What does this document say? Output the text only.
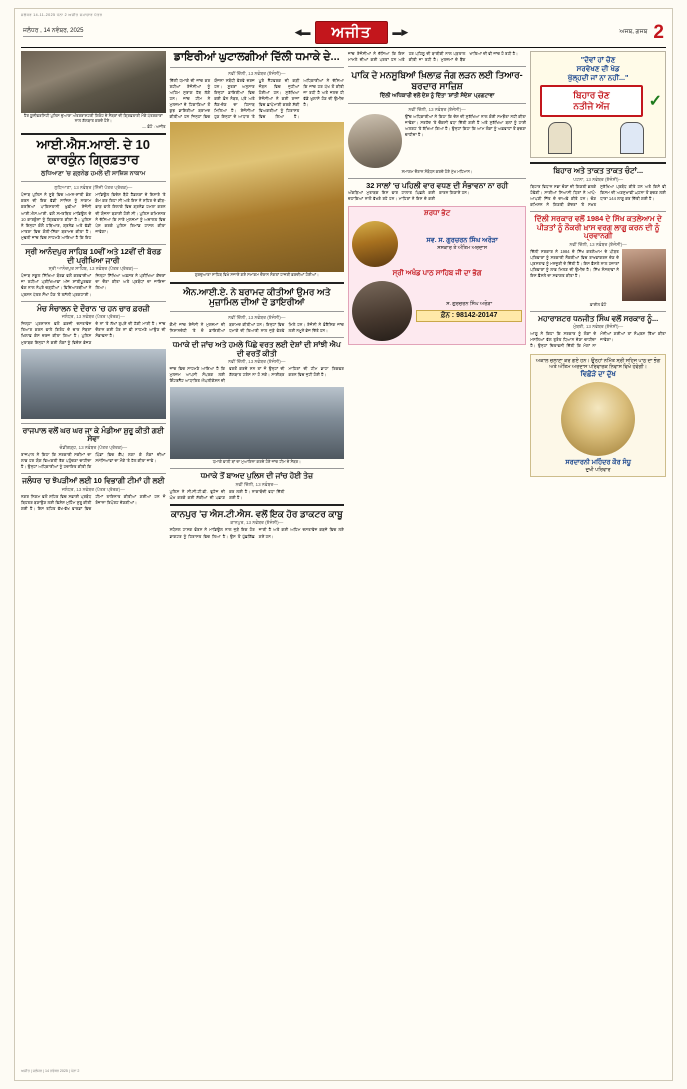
ਜਲੰਧਰ 14-11-2025 ਪੰਨਾ 2 ਅਜੀਤ ਸਮਾਚਾਰ ਪੱਤਰ
ਜਲੰਧਰ , 14 ਨਵੰਬਰ, 2025	◀▬	ਅਜੀਤ	▬▶	ਅਜਬ, ਗਜਬ 2
ਹੈਰ ਯੂਨੀਵਰਸਿਟੀ ਪੁਲਿਸ ਦੁਆਰਾ ਅੰਤਰਰਾਸ਼ਟਰੀ ਗਿਰੋਹ ਦੇ ਮੈਂਬਰਾਂ ਦੀ ਗ੍ਰਿਫ਼ਤਾਰੀ ਮੌਕੇ ਪੱਤਰਕਾਰਾਂ ਨਾਲ ਗੱਲਬਾਤ ਕਰਦੇ ਹੋਏ।
— ਫ਼ੋਟੋ : ਅਜੀਤ
ਆਈ.ਐਸ.ਆਈ. ਦੇ 10 ਕਾਰਕੁੰਨ ਗ੍ਰਿਫ਼ਤਾਰ
ਲੁਧਿਆਣਾ 'ਚ ਗ੍ਰਨੇਡ ਹਮਲੇ ਦੀ ਸਾਜ਼ਿਸ਼ ਨਾਕਾਮ
ਲੁਧਿਆਣਾ, 13 ਨਵੰਬਰ (ਨਿੱਜੀ ਪੱਤਰ ਪ੍ਰੇਰਕ)—
ਪੰਜਾਬ ਪੁਲਿਸ ਨੇ ਸੂਬੇ ਵਿਚ ਅਮਨ-ਸ਼ਾਂਤੀ ਭੰਗ ਕਰਨ ਦੀ ਇਕ ਵੱਡੀ ਸਾਜ਼ਿਸ਼ ਨੂੰ ਨਾਕਾਮ ਕਰਦਿਆਂ ਪਾਕਿਸਤਾਨੀ ਖ਼ੁਫ਼ੀਆ ਏਜੰਸੀ ਆਈ.ਐਸ.ਆਈ. ਵਲੋਂ ਸਮਰਥਿਤ ਮਾਡਿਊਲ ਦੇ 10 ਕਾਰਕੁੰਨਾਂ ਨੂੰ ਗ੍ਰਿਫ਼ਤਾਰ ਕੀਤਾ ਹੈ। ਪੁਲਿਸ ਨੇ ਇਨ੍ਹਾਂ ਕੋਲੋਂ ਹਥਿਆਰ, ਗ੍ਰਨੇਡ ਅਤੇ ਵੱਡੀ ਮਾਤਰਾ ਵਿਚ ਗੋਲੀ-ਸਿੱਕਾ ਬਰਾਮਦ ਕੀਤਾ ਹੈ। ਮੁਢਲੀ ਜਾਂਚ ਵਿਚ ਸਾਹਮਣੇ ਆਇਆ ਹੈ ਕਿ ਇਹ ਮਾਡਿਊਲ ਵਿਦੇਸ਼ ਬੈਠੇ ਹੈਂਡਲਰਾਂ ਦੇ ਇਸ਼ਾਰੇ 'ਤੇ ਕੰਮ ਕਰ ਰਿਹਾ ਸੀ ਅਤੇ ਇਸ ਨੇ ਸ਼ਹਿਰ ਦੇ ਭੀੜ-ਭਾੜ ਵਾਲੇ ਇਲਾਕੇ ਵਿਚ ਗ੍ਰਨੇਡ ਹਮਲਾ ਕਰਨ ਦੀ ਯੋਜਨਾ ਬਣਾਈ ਹੋਈ ਸੀ। ਪੁਲਿਸ ਕਮਿਸ਼ਨਰ ਨੇ ਦੱਸਿਆ ਕਿ ਸਾਰੇ ਮੁਲਜ਼ਮਾਂ ਨੂੰ ਅਦਾਲਤ ਵਿਚ ਪੇਸ਼ ਕਰਕੇ ਪੁਲਿਸ ਰਿਮਾਂਡ ਹਾਸਲ ਕੀਤਾ ਜਾਵੇਗਾ।
ਸ੍ਰੀ ਆਨੰਦਪੁਰ ਸਾਹਿਬ 10ਵੀਂ ਅਤੇ 12ਵੀਂ ਦੀ ਬੋਰਡ ਦੀ ਪ੍ਰੀਖਿਆ ਜਾਰੀ
ਸ੍ਰੀ ਆਨੰਦਪੁਰ ਸਾਹਿਬ, 13 ਨਵੰਬਰ (ਪੱਤਰ ਪ੍ਰੇਰਕ)—
ਪੰਜਾਬ ਸਕੂਲ ਸਿੱਖਿਆ ਬੋਰਡ ਵਲੋਂ ਕਰਵਾਈਆਂ ਜਾ ਰਹੀਆਂ ਪ੍ਰੀਖਿਆਵਾਂ ਅੱਜ ਸ਼ਾਂਤੀਪੂਰਵਕ ਢੰਗ ਨਾਲ ਨੇਪਰੇ ਚੜ੍ਹੀਆਂ। ਵਿਦਿਆਰਥੀਆਂ ਨੇ ਪ੍ਰਸ਼ਨ ਪੱਤਰ ਸੌਖਾ ਹੋਣ 'ਤੇ ਤਸੱਲੀ ਪ੍ਰਗਟਾਈ। ਜ਼ਿਲ੍ਹਾ ਸਿੱਖਿਆ ਅਫ਼ਸਰ ਨੇ ਪ੍ਰੀਖਿਆ ਕੇਂਦਰਾਂ ਦਾ ਦੌਰਾ ਕੀਤਾ ਅਤੇ ਪ੍ਰਬੰਧਾਂ ਦਾ ਜਾਇਜ਼ਾ ਲਿਆ।
ਮੰਚ ਸੰਚਾਲਨ ਦੇ ਦੌਰਾਨ 'ਚ ਹਨ ਚਾਰ ਫ਼ਰਜ਼ੀ
ਜਲੰਧਰ, 13 ਨਵੰਬਰ (ਪੱਤਰ ਪ੍ਰੇਰਕ)—
ਜ਼ਿਲ੍ਹਾ ਪ੍ਰਸ਼ਾਸਨ ਵਲੋਂ ਫ਼ਰਜ਼ੀ ਦਸਤਾਵੇਜ਼ ਤਿਆਰ ਕਰਨ ਵਾਲੇ ਗਿਰੋਹ ਦੇ ਚਾਰ ਮੈਂਬਰਾਂ ਖ਼ਿਲਾਫ਼ ਕੇਸ ਦਰਜ ਕੀਤਾ ਗਿਆ ਹੈ। ਪੁਲਿਸ ਮੁਤਾਬਕ ਇਨ੍ਹਾਂ ਨੇ ਕਈ ਲੋਕਾਂ ਨੂੰ ਵਿਦੇਸ਼ ਭੇਜਣ ਦੇ ਨਾਂ 'ਤੇ ਲੱਖਾਂ ਰੁਪਏ ਦੀ ਠੱਗੀ ਮਾਰੀ ਹੈ। ਜਾਂਚ ਦੌਰਾਨ ਕਈ ਹੋਰ ਨਾਂ ਵੀ ਸਾਹਮਣੇ ਆਉਣ ਦੀ ਸੰਭਾਵਨਾ ਹੈ।
ਰਾਜਪਾਲ ਵਲੋਂ ਘਰ ਘਰ ਜਾ ਕੇ ਮੰਡੀਆ ਸ਼ੁਰੂ ਕੀਤੀ ਗਈ ਸੇਵਾ
ਚੰਡੀਗੜ੍ਹ, 13 ਨਵੰਬਰ (ਪੱਤਰ ਪ੍ਰੇਰਕ)—
ਰਾਜਪਾਲ ਨੇ ਕਿਹਾ ਕਿ ਸਰਕਾਰੀ ਸਕੀਮਾਂ ਦਾ ਲਾਭ ਹਰ ਯੋਗ ਵਿਅਕਤੀ ਤੱਕ ਪਹੁੰਚਣਾ ਚਾਹੀਦਾ ਹੈ। ਉਨ੍ਹਾਂ ਅਧਿਕਾਰੀਆਂ ਨੂੰ ਹਦਾਇਤ ਕੀਤੀ ਕਿ ਪਿੰਡਾਂ ਵਿਚ ਕੈਂਪ ਲਗਾ ਕੇ ਲੋਕਾਂ ਦੀਆਂ ਸਮੱਸਿਆਵਾਂ ਦਾ ਮੌਕੇ 'ਤੇ ਹੱਲ ਕੀਤਾ ਜਾਵੇ।
ਜਲੰਧਰ 'ਚ ਝੋਪੜੀਆਂ ਲਈ 10 ਵਿਭਾਗੀ ਟੀਮਾਂ ਹੀ ਲਈ
ਜਲੰਧਰ, 13 ਨਵੰਬਰ (ਪੱਤਰ ਪ੍ਰੇਰਕ)—
ਨਗਰ ਨਿਗਮ ਵਲੋਂ ਸ਼ਹਿਰ ਵਿਚ ਸਫ਼ਾਈ ਪ੍ਰਬੰਧ ਬਿਹਤਰ ਬਣਾਉਣ ਲਈ ਵਿਸ਼ੇਸ਼ ਮੁਹਿੰਮ ਸ਼ੁਰੂ ਕੀਤੀ ਗਈ ਹੈ। ਇਸ ਤਹਿਤ ਵੱਖ-ਵੱਖ ਵਾਰਡਾਂ ਵਿਚ ਟੀਮਾਂ ਤਾਇਨਾਤ ਕੀਤੀਆਂ ਗਈਆਂ ਹਨ ਜੋ ਰੋਜ਼ਾਨਾ ਰਿਪੋਰਟ ਦੇਣਗੀਆਂ।
ਡਾਇਰੀਆਂ ਘੁਟਾਲਗੀਆਂ ਦਿੱਲੀ ਧਮਾਕੇ ਦੇ...
ਨਵੀਂ ਦਿੱਲੀ, 13 ਨਵੰਬਰ (ਏਜੰਸੀ)—
ਦਿੱਲੀ ਧਮਾਕੇ ਦੀ ਜਾਂਚ ਕਰ ਰਹੀਆਂ ਏਜੰਸੀਆਂ ਨੂੰ ਅਹਿਮ ਸੁਰਾਗ ਹੱਥ ਲੱਗੇ ਹਨ। ਜਾਂਚ ਟੀਮ ਨੇ ਮੁਲਜ਼ਮਾਂ ਦੇ ਟਿਕਾਣਿਆਂ ਤੋਂ ਕੁਝ ਡਾਇਰੀਆਂ ਬਰਾਮਦ ਕੀਤੀਆਂ ਹਨ ਜਿਨ੍ਹਾਂ ਵਿਚ ਯੋਜਨਾ ਸਬੰਧੀ ਵੇਰਵੇ ਦਰਜ ਹਨ। ਸੂਤਰਾਂ ਅਨੁਸਾਰ ਇਨ੍ਹਾਂ ਡਾਇਰੀਆਂ ਵਿਚ ਕਈ ਫ਼ੋਨ ਨੰਬਰ, ਪਤੇ ਅਤੇ ਲੈਣ-ਦੇਣ ਦਾ ਹਿਸਾਬ ਮਿਲਿਆ ਹੈ। ਏਜੰਸੀਆਂ ਹੁਣ ਇਨ੍ਹਾਂ ਦੇ ਆਧਾਰ 'ਤੇ ਪੂਰੇ ਨੈੱਟਵਰਕ ਦੀ ਕੜੀ ਜੋੜਨ ਵਿਚ ਜੁਟੀਆਂ ਹੋਈਆਂ ਹਨ। ਸੁਰੱਖਿਆ ਏਜੰਸੀਆਂ ਨੇ ਕਈ ਰਾਜਾਂ ਵਿਚ ਛਾਪੇਮਾਰੀ ਕਰਕੇ ਸ਼ੱਕੀ ਵਿਅਕਤੀਆਂ ਨੂੰ ਹਿਰਾਸਤ ਵਿਚ ਲਿਆ ਹੈ। ਅਧਿਕਾਰੀਆਂ ਨੇ ਦੱਸਿਆ ਕਿ ਜਾਂਚ ਹਰ ਪੱਖ ਤੋਂ ਕੀਤੀ ਜਾ ਰਹੀ ਹੈ ਅਤੇ ਜਲਦ ਹੀ ਵੱਡੇ ਖ਼ੁਲਾਸੇ ਹੋਣ ਦੀ ਉਮੀਦ ਹੈ।
ਗੁਰਦੁਆਰਾ ਸਾਹਿਬ ਵਿਖੇ ਸਜਾਏ ਗਏ ਸਮਾਗਮ ਦੌਰਾਨ ਸੰਗਤਾਂ ਹਾਜ਼ਰੀ ਭਰਦੀਆਂ ਹੋਈਆਂ।
ਐਨ.ਆਈ.ਏ. ਨੇ ਬਰਾਮਦ ਕੀਤੀਆਂ ਉਮਰ ਅਤੇ ਮੁਜ਼ਾਮਿਲ ਦੀਆਂ ਦੋ ਡਾਇਰੀਆਂ
ਨਵੀਂ ਦਿੱਲੀ, 13 ਨਵੰਬਰ (ਏਜੰਸੀ)—
ਕੌਮੀ ਜਾਂਚ ਏਜੰਸੀ ਨੇ ਮੁਲਜ਼ਮਾਂ ਦੀ ਨਿਸ਼ਾਨਦੇਹੀ 'ਤੇ ਦੋ ਡਾਇਰੀਆਂ ਬਰਾਮਦ ਕੀਤੀਆਂ ਹਨ। ਇਨ੍ਹਾਂ ਵਿਚ ਧਮਾਕੇ ਦੀ ਤਿਆਰੀ ਨਾਲ ਜੁੜੇ ਵੇਰਵੇ ਮਿਲੇ ਹਨ। ਏਜੰਸੀ ਨੇ ਫ਼ੋਰੈਂਸਿਕ ਜਾਂਚ ਲਈ ਨਮੂਨੇ ਭੇਜ ਦਿੱਤੇ ਹਨ।
ਧਮਾਕੇ ਦੀ ਜਾਂਚ ਅਤੇ ਹਮਲੇ ਪਿੱਛੇ ਵਰਤ ਲਈ ਦੇਸ਼ਾਂ ਦੀ ਸਾਂਝੀ ਐਪ ਦੀ ਵਰਤੋਂ ਕੀਤੀ
ਨਵੀਂ ਦਿੱਲੀ, 13 ਨਵੰਬਰ (ਏਜੰਸੀ)—
ਜਾਂਚ ਵਿਚ ਸਾਹਮਣੇ ਆਇਆ ਹੈ ਕਿ ਮੁਲਜ਼ਮ ਆਪਸੀ ਸੰਪਰਕ ਲਈ ਇੰਟਰਨੈੱਟ ਆਧਾਰਿਤ ਐਪਲੀਕੇਸ਼ਨ ਦੀ ਵਰਤੋਂ ਕਰਦੇ ਸਨ ਤਾਂ ਜੋ ਉਨ੍ਹਾਂ ਦੀ ਗੱਲਬਾਤ ਟਰੇਸ ਨਾ ਹੋ ਸਕੇ। ਸਾਈਬਰ ਮਾਹਿਰਾਂ ਦੀ ਟੀਮ ਡਾਟਾ ਰਿਕਵਰ ਕਰਨ ਵਿਚ ਜੁਟੀ ਹੋਈ ਹੈ।
ਧਮਾਕੇ ਵਾਲੀ ਥਾਂ ਦਾ ਮੁਆਇਨਾ ਕਰਦੇ ਹੋਏ ਜਾਂਚ ਟੀਮ ਦੇ ਮੈਂਬਰ।
ਧਮਾਕੇ ਤੋਂ ਬਾਅਦ ਪੁਲਿਸ ਦੀ ਜਾਂਚ ਹੋਈ ਤੇਜ਼
ਨਵੀਂ ਦਿੱਲੀ, 13 ਨਵੰਬਰ—
ਪੁਲਿਸ ਨੇ ਸੀ.ਸੀ.ਟੀ.ਵੀ. ਫੁਟੇਜ ਦੀ ਘੋਖ ਕਰਕੇ ਕਈ ਸ਼ੱਕੀਆਂ ਦੀ ਪਛਾਣ ਕਰ ਲਈ ਹੈ। ਨਾਕਾਬੰਦੀ ਵਧਾ ਦਿੱਤੀ ਗਈ ਹੈ।
ਕਾਨਪੁਰ 'ਚ ਐਸ.ਟੀ.ਐਸ. ਵਲੋਂ ਇਕ ਹੋਰ ਡਾਕਟਰ ਕਾਬੂ
ਕਾਨਪੁਰ, 13 ਨਵੰਬਰ (ਏਜੰਸੀ)—
ਸਪੈਸ਼ਲ ਟਾਸਕ ਫੋਰਸ ਨੇ ਮਾਡਿਊਲ ਨਾਲ ਜੁੜੇ ਇਕ ਹੋਰ ਡਾਕਟਰ ਨੂੰ ਹਿਰਾਸਤ ਵਿਚ ਲਿਆ ਹੈ। ਉਸ ਤੋਂ ਪੁੱਛਗਿੱਛ ਜਾਰੀ ਹੈ ਅਤੇ ਕਈ ਅਹਿਮ ਦਸਤਾਵੇਜ਼ ਕਬਜ਼ੇ ਵਿਚ ਲਏ ਗਏ ਹਨ।
ਜਾਂਚ ਏਜੰਸੀਆਂ ਨੇ ਦੱਸਿਆ ਕਿ ਇਸ ਮਾਮਲੇ ਦੀਆਂ ਕਈ ਪਰਤਾਂ ਹਨ ਅਤੇ ਹਰ ਪਹਿਲੂ ਦੀ ਬਾਰੀਕੀ ਨਾਲ ਪੜਤਾਲ ਕੀਤੀ ਜਾ ਰਹੀ ਹੈ। ਮੁਲਜ਼ਮਾਂ ਦੇ ਬੈਂਕ ਖਾਤਿਆਂ ਦੀ ਵੀ ਜਾਂਚ ਹੋ ਰਹੀ ਹੈ।
ਪਾਕਿ ਦੇ ਮਨਸੂਬਿਆਂ ਖ਼ਿਲਾਫ਼ ਜੰਗ ਲੜਨ ਲਈ ਤਿਆਰ-ਬਰਦਾਰ ਸਾਜ਼ਿਸ਼
ਦਿੱਲੀ ਅਧਿਕਾਰੀ ਵਲੋਂ ਦੇਸ਼ ਨੂੰ ਦਿੱਤਾ 'ਸ਼ਾਂਤੀ ਸੰਦੇਸ਼' ਪ੍ਰਗਟਾਵਾ
ਨਵੀਂ ਦਿੱਲੀ, 13 ਨਵੰਬਰ (ਏਜੰਸੀ)—
ਉੱਚ ਅਧਿਕਾਰੀਆਂ ਨੇ ਕਿਹਾ ਕਿ ਦੇਸ਼ ਦੀ ਸੁਰੱਖਿਆ ਨਾਲ ਕੋਈ ਸਮਝੌਤਾ ਨਹੀਂ ਕੀਤਾ ਜਾਵੇਗਾ। ਸਰਹੱਦ 'ਤੇ ਚੌਕਸੀ ਵਧਾ ਦਿੱਤੀ ਗਈ ਹੈ ਅਤੇ ਸੁਰੱਖਿਆ ਬਲਾਂ ਨੂੰ ਹਾਈ ਅਲਰਟ 'ਤੇ ਰੱਖਿਆ ਗਿਆ ਹੈ। ਉਨ੍ਹਾਂ ਕਿਹਾ ਕਿ ਆਮ ਲੋਕਾਂ ਨੂੰ ਅਫ਼ਵਾਹਾਂ ਤੋਂ ਬਚਣਾ ਚਾਹੀਦਾ ਹੈ।
ਸਮਾਗਮ ਦੌਰਾਨ ਸੰਬੋਧਨ ਕਰਦੇ ਹੋਏ ਮੁੱਖ ਮਹਿਮਾਨ।
32 ਸਾਲਾਂ 'ਚ ਪਹਿਲੀ ਵਾਰ ਵਧਣ ਦੀ ਸੰਭਾਵਨਾ ਨਾ ਰਹੀ
ਅੰਕੜਿਆਂ ਮੁਤਾਬਕ ਇਸ ਵਾਰ ਹਾਲਾਤ ਪਿਛਲੇ ਕਈ ਦਹਾਕਿਆਂ ਨਾਲੋਂ ਵੱਖਰੇ ਰਹੇ ਹਨ। ਮਾਹਿਰਾਂ ਨੇ ਇਸ ਦੇ ਕਈ ਕਾਰਨ ਗਿਣਾਏ ਹਨ।
ਸ਼ਰਧਾ ਭੇਟ
ਸਵ. ਸ. ਗੁਰਚਰਨ ਸਿੰਘ ਅਰੋੜਾ
ਸਸਕਾਰ ਤੇ ਅੰਤਿਮ ਅਰਦਾਸ
ਸ੍ਰੀ ਅਖੰਡ ਪਾਠ ਸਾਹਿਬ ਜੀ ਦਾ ਭੋਗ
ਸ. ਗੁਰਚਰਨ ਸਿੰਘ ਅਰੋੜਾ
ਫ਼ੋਨ : 98142-20147
"ਦੋਵਾਂ ਹਾਂ ਚੋਣ
ਸਰਵੇਖਣ ਦੀ ਖੇਡ
ਖੁੱਲ੍ਹਦੀ ਜਾਂ ਨਾ ਨਹੀਂ..."
ਬਿਹਾਰ ਚੋਣ
ਨਤੀਜੇ ਅੱਜ	✓
ਬਿਹਾਰ ਅਤੇ ਤਾਕਤ ਤਾਕਤ ਚੰਟਾਂ...
ਪਟਨਾ, 13 ਨਵੰਬਰ (ਏਜੰਸੀ)—
ਬਿਹਾਰ ਵਿਧਾਨ ਸਭਾ ਚੋਣਾਂ ਦੀ ਗਿਣਤੀ ਭਲਕੇ ਹੋਵੇਗੀ। ਸਾਰੀਆਂ ਸਿਆਸੀ ਧਿਰਾਂ ਨੇ ਆਪੋ-ਆਪਣੀ ਜਿੱਤ ਦੇ ਦਾਅਵੇ ਕੀਤੇ ਹਨ। ਚੋਣ ਕਮਿਸ਼ਨ ਨੇ ਗਿਣਤੀ ਕੇਂਦਰਾਂ 'ਤੇ ਸਖ਼ਤ ਸੁਰੱਖਿਆ ਪ੍ਰਬੰਧ ਕੀਤੇ ਹਨ ਅਤੇ ਕਿਸੇ ਵੀ ਕਿਸਮ ਦੀ ਅਣਸੁਖਾਵੀਂ ਘਟਨਾ ਤੋਂ ਬਚਣ ਲਈ ਧਾਰਾ 144 ਲਾਗੂ ਕਰ ਦਿੱਤੀ ਗਈ ਹੈ।
ਦਿੱਲੀ ਸਰਕਾਰ ਵਲੋਂ 1984 ਦੇ ਸਿੱਖ ਕਤਲੇਆਮ ਦੇ ਪੀੜਤਾਂ ਨੂੰ ਨੌਕਰੀ ਖ਼ਾਸ ਵਰਗ ਲਾਗੂ ਕਰਨ ਦੀ ਨੂੰ ਪ੍ਰਵਾਨਗੀ
ਨਵੀਂ ਦਿੱਲੀ, 13 ਨਵੰਬਰ (ਏਜੰਸੀ)—
ਦਿੱਲੀ ਸਰਕਾਰ ਨੇ 1984 ਦੇ ਸਿੱਖ ਕਤਲੇਆਮ ਦੇ ਪੀੜਤ ਪਰਿਵਾਰਾਂ ਨੂੰ ਸਰਕਾਰੀ ਨੌਕਰੀਆਂ ਵਿਚ ਰਾਖਵਾਂਕਰਨ ਦੇਣ ਦੇ ਪ੍ਰਸਤਾਵ ਨੂੰ ਮਨਜ਼ੂਰੀ ਦੇ ਦਿੱਤੀ ਹੈ। ਇਸ ਫ਼ੈਸਲੇ ਨਾਲ ਹਜ਼ਾਰਾਂ ਪਰਿਵਾਰਾਂ ਨੂੰ ਲਾਭ ਮਿਲਣ ਦੀ ਉਮੀਦ ਹੈ। ਸਿੱਖ ਸੰਸਥਾਵਾਂ ਨੇ ਇਸ ਫ਼ੈਸਲੇ ਦਾ ਸਵਾਗਤ ਕੀਤਾ ਹੈ।
ਫ਼ਾਈਲ ਫ਼ੋਟੋ
ਮਹਾਰਾਸ਼ਟਰ ਧਨਜੀਤ ਸਿੰਘ ਵਲੋਂ ਸਰਕਾਰ ਨੂੰ...
ਮੁੰਬਈ, 13 ਨਵੰਬਰ (ਏਜੰਸੀ)—
ਆਗੂ ਨੇ ਕਿਹਾ ਕਿ ਸਰਕਾਰ ਨੂੰ ਲੋਕਾਂ ਦੇ ਮਸਲਿਆਂ ਵੱਲ ਤੁਰੰਤ ਧਿਆਨ ਦੇਣਾ ਚਾਹੀਦਾ ਹੈ। ਉਨ੍ਹਾਂ ਚਿਤਾਵਨੀ ਦਿੱਤੀ ਕਿ ਮੰਗਾਂ ਨਾ ਮੰਨੀਆਂ ਗਈਆਂ ਤਾਂ ਸੰਘਰਸ਼ ਤਿੱਖਾ ਕੀਤਾ ਜਾਵੇਗਾ।
ਅਕਾਲ ਚਲਾਣਾ ਕਰ ਗਏ ਹਨ। ਉਨ੍ਹਾਂ ਨਮਿੱਤ ਸ੍ਰੀ ਸਹਿਜ ਪਾਠ ਦਾ ਭੋਗ ਅਤੇ ਅੰਤਿਮ ਅਰਦਾਸ ਪਰਿਵਾਰਕ ਨਿਵਾਸ ਵਿਖੇ ਹੋਵੇਗੀ।
ਵਿਛੋੜੇ ਦਾ ਦੁੱਖ
ਸਰਦਾਰਨੀ ਮਹਿੰਦਰ ਕੌਰ ਸੰਧੂ
ਦੁਖੀ ਪਰਿਵਾਰ
ਅਜੀਤ | ਜਲੰਧਰ | 14 ਨਵੰਬਰ 2025 | ਪੰਨਾ 2
